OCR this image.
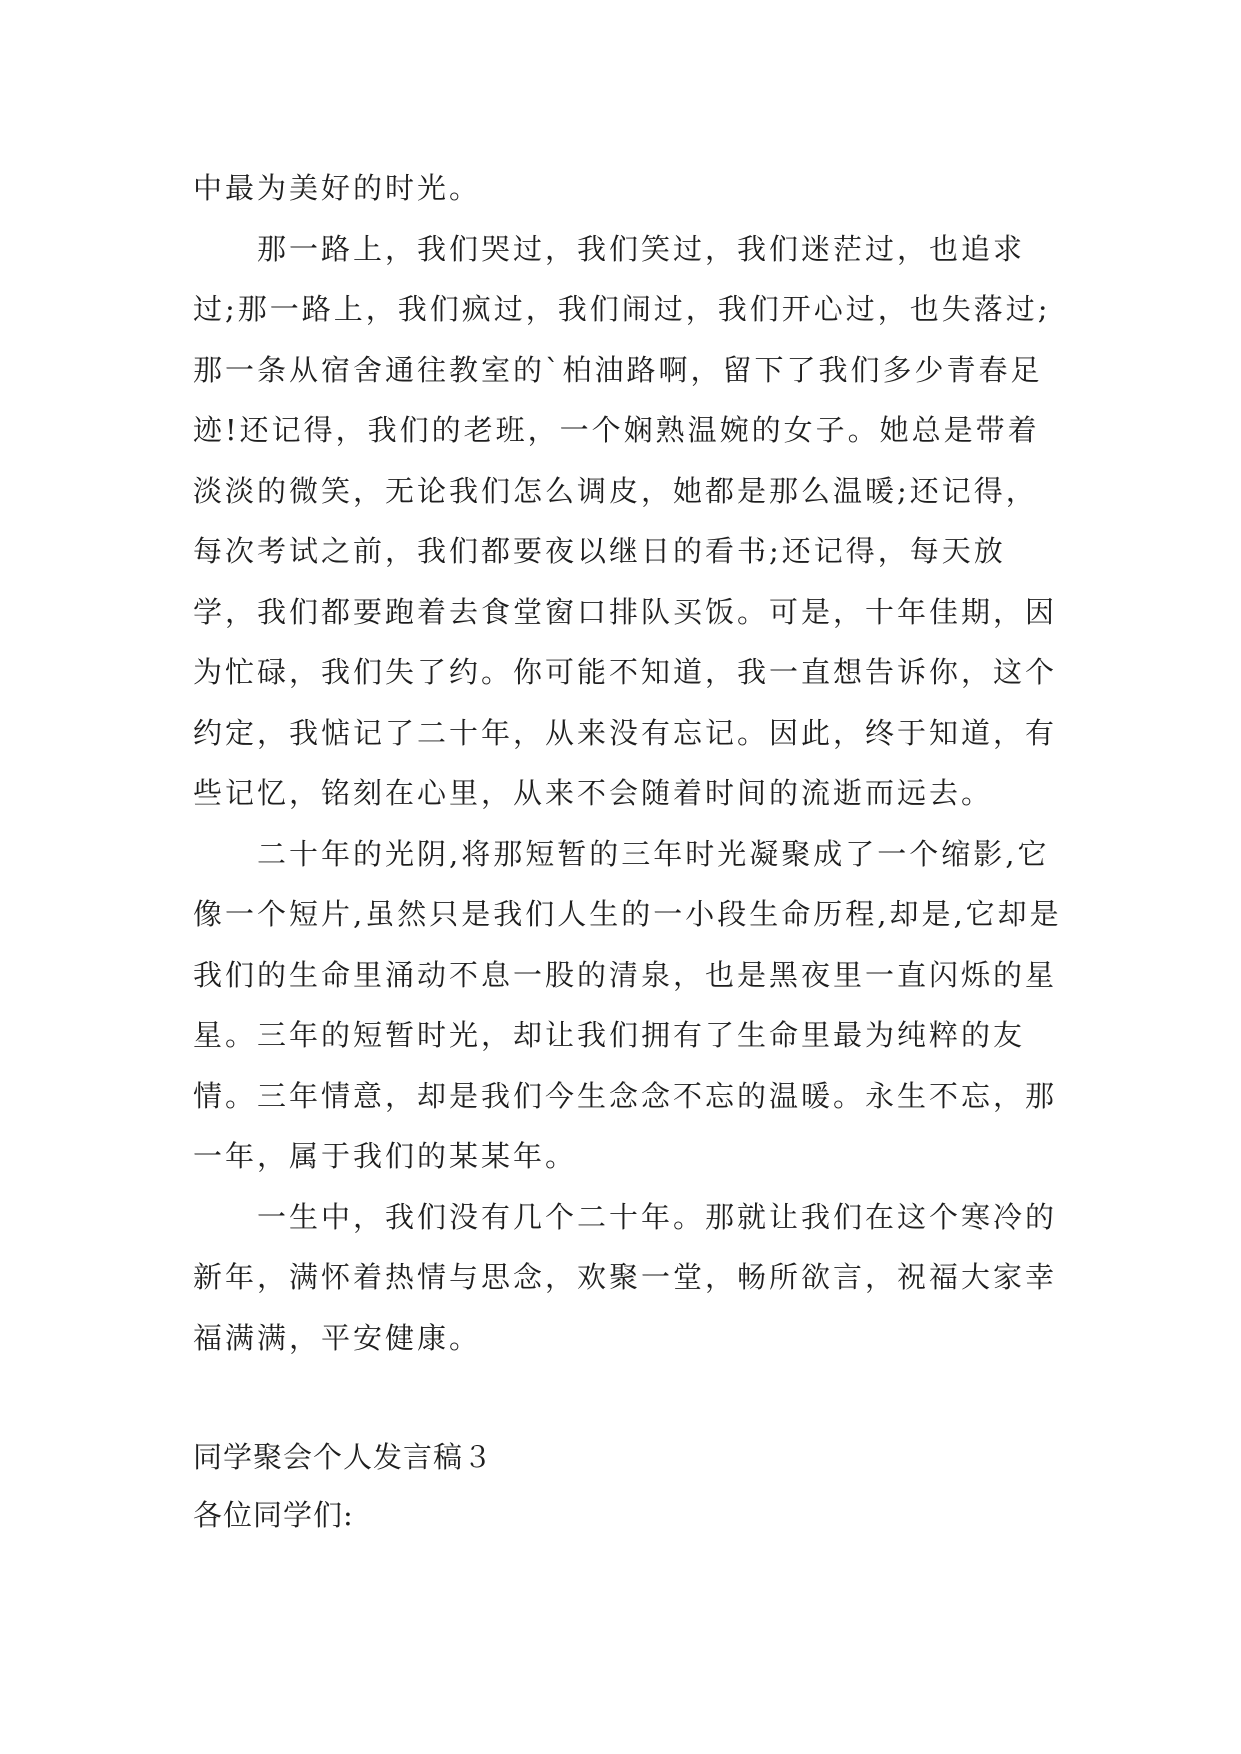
中最为美好的时光。

那一路上，我们哭过，我们笑过，我们迷茫过，也追求过;那一路上，我们疯过，我们闹过，我们开心过，也失落过;那一条从宿舍通往教室的`柏油路啊，留下了我们多少青春足迹!还记得，我们的老班，一个娴熟温婉的女子。她总是带着淡淡的微笑，无论我们怎么调皮，她都是那么温暖;还记得，每次考试之前，我们都要夜以继日的看书;还记得，每天放学，我们都要跑着去食堂窗口排队买饭。可是，十年佳期，因为忙碌，我们失了约。你可能不知道，我一直想告诉你，这个约定，我惦记了二十年，从来没有忘记。因此，终于知道，有些记忆，铭刻在心里，从来不会随着时间的流逝而远去。

二十年的光阴,将那短暂的三年时光凝聚成了一个缩影,它像一个短片,虽然只是我们人生的一小段生命历程,却是,它却是我们的生命里涌动不息一股的清泉，也是黑夜里一直闪烁的星星。三年的短暂时光，却让我们拥有了生命里最为纯粹的友情。三年情意，却是我们今生念念不忘的温暖。永生不忘，那一年，属于我们的某某年。

一生中，我们没有几个二十年。那就让我们在这个寒冷的新年，满怀着热情与思念，欢聚一堂，畅所欲言，祝福大家幸福满满，平安健康。

同学聚会个人发言稿３

各位同学们:
